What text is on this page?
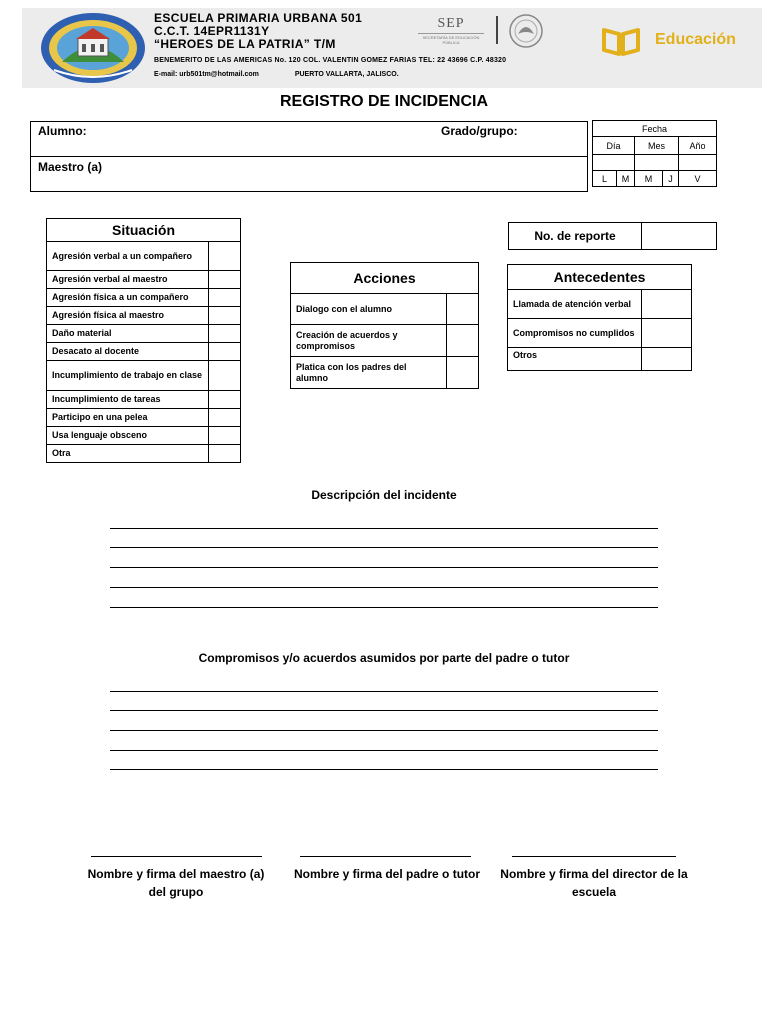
ESCUELA PRIMARIA URBANA 501
C.C.T. 14EPR1131Y
“HEROES DE LA PATRIA” T/M
BENEMERITO DE LAS AMERICAS No. 120 COL. VALENTIN GOMEZ FARIAS TEL: 22 43696 C.P. 48320
E-mail: urb501tm@hotmail.com	PUERTO VALLARTA, JALISCO.
SEP
SECRETARÍA DE EDUCACIÓN PÚBLICA	Educación
REGISTRO DE INCIDENCIA
Alumno:	Grado/grupo:
Maestro (a)
Fecha				
Día		Mes		Año

L	M	M	J	V
Situación	
Agresión verbal a un compañero	
Agresión verbal al maestro	
Agresión física a un compañero	
Agresión física al maestro	
Daño material	
Desacato al docente	
Incumplimiento de trabajo en clase	
Incumplimiento de tareas	
Participo en una pelea	
Usa lenguaje obsceno	
Otra	
Acciones	
Dialogo con el alumno	
Creación de acuerdos y compromisos	
Platica con los padres del alumno	
No. de reporte	
Antecedentes	
Llamada de atención verbal	
Compromisos no cumplidos	
Otros	
Descripción del incidente
Compromisos y/o acuerdos asumidos por parte del padre o tutor
Nombre y firma del maestro (a)
del grupo
Nombre y firma del padre o tutor	Nombre y firma del director de la
escuela
